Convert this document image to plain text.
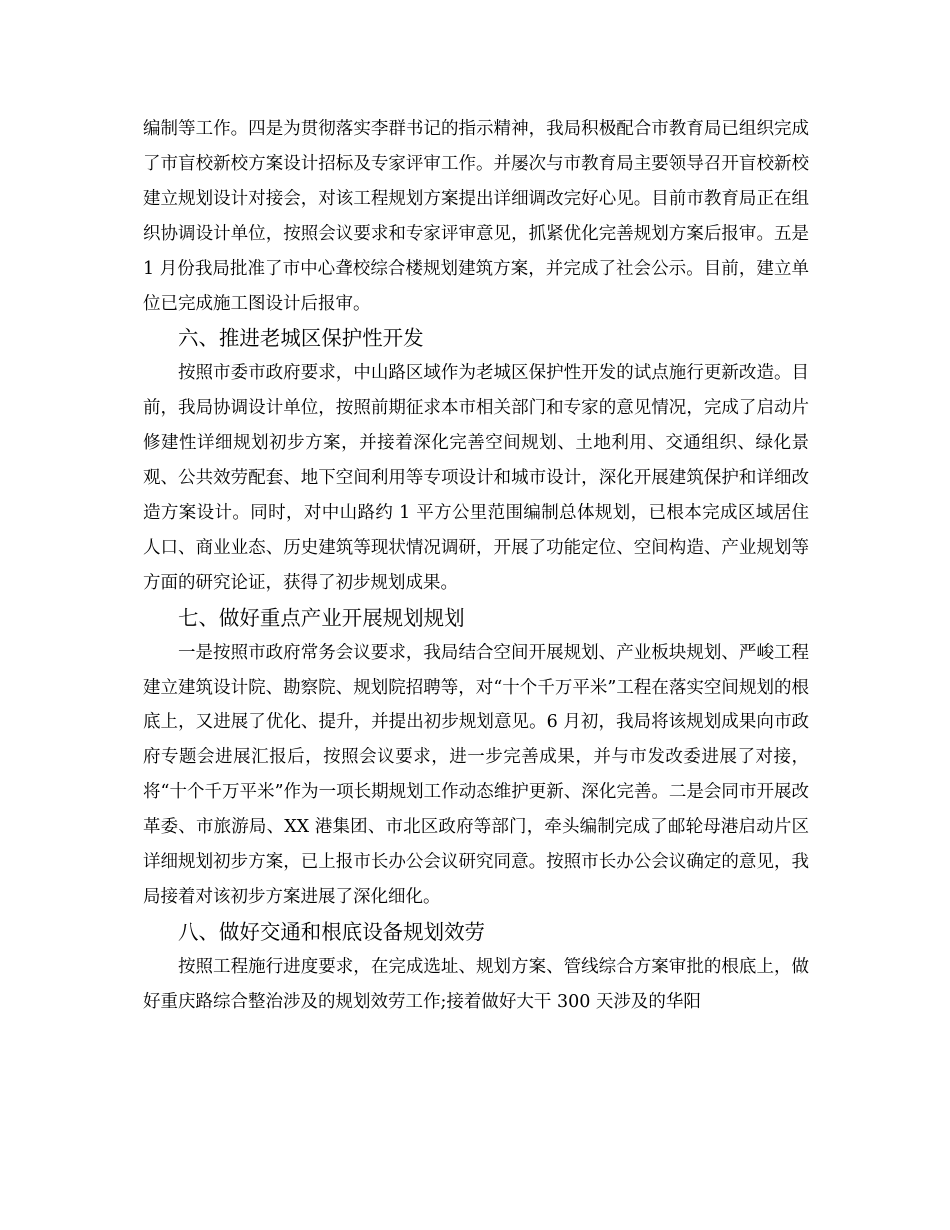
编制等工作。四是为贯彻落实李群书记的指示精神，我局积极配合市教育局已组织完成了市盲校新校方案设计招标及专家评审工作。并屡次与市教育局主要领导召开盲校新校建立规划设计对接会，对该工程规划方案提出详细调改完好心见。目前市教育局正在组织协调设计单位，按照会议要求和专家评审意见，抓紧优化完善规划方案后报审。五是 1 月份我局批准了市中心聋校综合楼规划建筑方案，并完成了社会公示。目前，建立单位已完成施工图设计后报审。

六、推进老城区保护性开发

按照市委市政府要求，中山路区域作为老城区保护性开发的试点施行更新改造。目前，我局协调设计单位，按照前期征求本市相关部门和专家的意见情况，完成了启动片修建性详细规划初步方案，并接着深化完善空间规划、土地利用、交通组织、绿化景观、公共效劳配套、地下空间利用等专项设计和城市设计，深化开展建筑保护和详细改造方案设计。同时，对中山路约 1 平方公里范围编制总体规划，已根本完成区域居住人口、商业业态、历史建筑等现状情况调研，开展了功能定位、空间构造、产业规划等方面的研究论证，获得了初步规划成果。

七、做好重点产业开展规划规划

一是按照市政府常务会议要求，我局结合空间开展规划、产业板块规划、严峻工程建立建筑设计院、勘察院、规划院招聘等，对“十个千万平米”工程在落实空间规划的根底上，又进展了优化、提升，并提出初步规划意见。6 月初，我局将该规划成果向市政府专题会进展汇报后，按照会议要求，进一步完善成果，并与市发改委进展了对接，将“十个千万平米”作为一项长期规划工作动态维护更新、深化完善。二是会同市开展改革委、市旅游局、XX 港集团、市北区政府等部门，牵头编制完成了邮轮母港启动片区详细规划初步方案，已上报市长办公会议研究同意。按照市长办公会议确定的意见，我局接着对该初步方案进展了深化细化。

八、做好交通和根底设备规划效劳

按照工程施行进度要求，在完成选址、规划方案、管线综合方案审批的根底上，做好重庆路综合整治涉及的规划效劳工作;接着做好大干 300 天涉及的华阳
